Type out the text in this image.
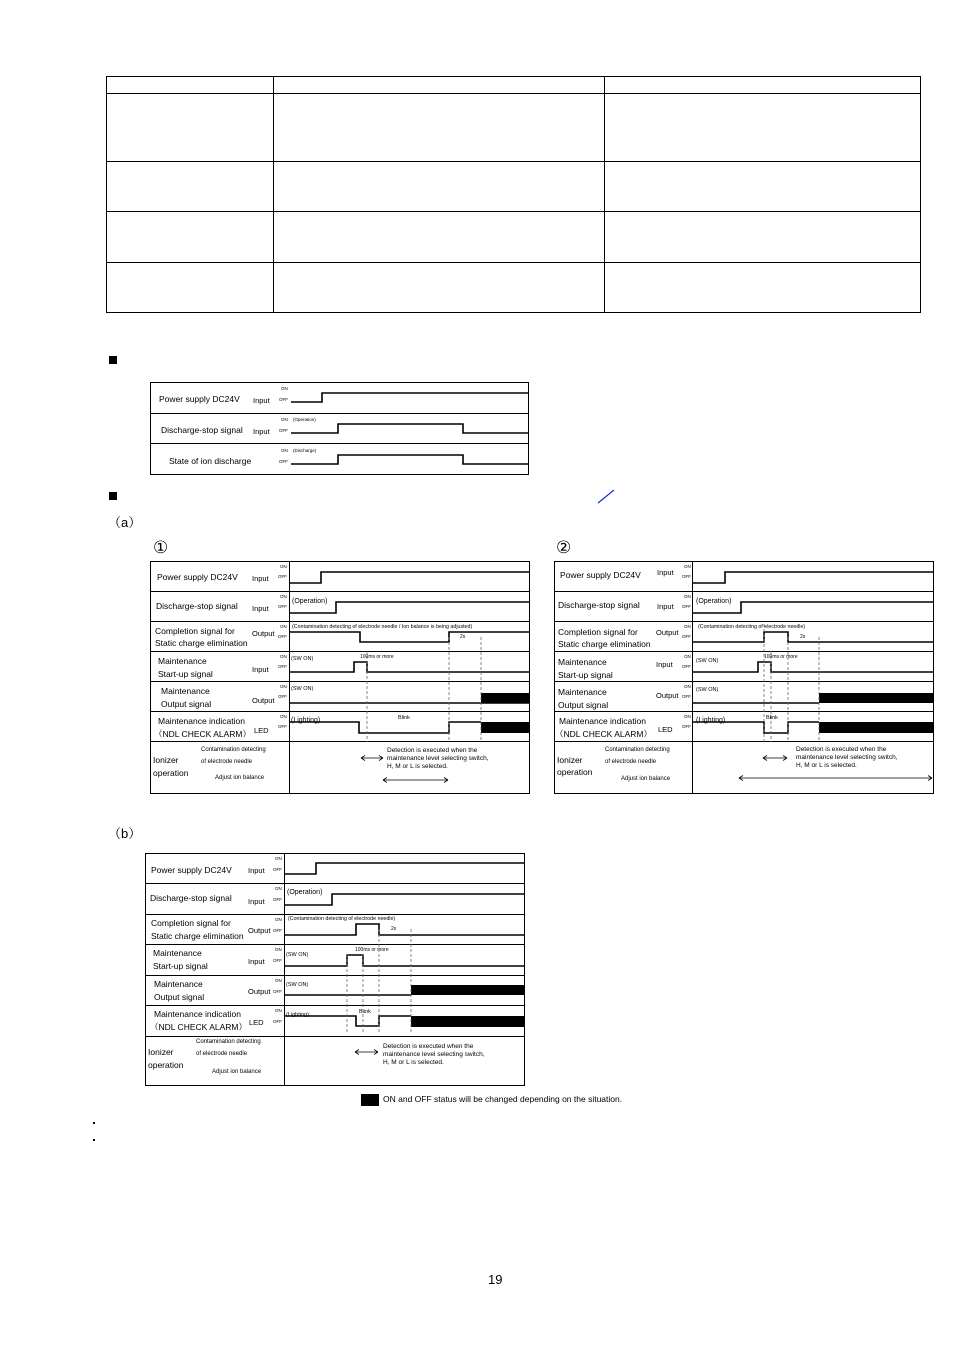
（a）
①	②
（b）
Power supply DC24V Input
Discharge-stop signal Input
State of ion discharge
ON
OFF
ON
OFF
ON
OFF
(Operation)
(Discharge)
Power supply DC24V Input
Discharge-stop signal Input
Completion signal for
Static charge elimination
Output
Maintenance
Start-up signal	Input
Maintenance
Output signal	Output
Maintenance indication
（NDL CHECK ALARM） LED
Ionizer
operation
Contamination detecting
of electrode needle
Adjust ion balance
ON
OFF
ON
OFF
ON
OFF
ON
OFF
ON
OFF
ON
OFF
(Operation)
(Contamination detecting of electrode needle / Ion balance is being adjusted)
2s
(SW ON)	100ms or more
(SW ON)
(Lighting)	Blink
Detection is executed when the
maintenance level selecting switch,
H, M or L is selected.
Power supply DC24V Input
Discharge-stop signal Input
Completion signal for
Static charge elimination
Output
Maintenance
Start-up signal
Input
Maintenance
Output signal
Output
Maintenance indication
（NDL CHECK ALARM） LED
Ionizer
operation
Contamination detecting
of electrode needle
Adjust ion balance
ON
OFF
ON
OFF
ON
OFF
ON
OFF
ON
OFF
ON
OFF
(Operation)
(Contamination detecting of electrode needle)
2s
(SW ON)
100ms or more
(SW ON)
(Lighting)	Blink
Detection is executed when the
maintenance level selecting switch,
H, M or L is selected.
Power supply DC24V Input
Discharge-stop signal Input
Completion signal for
Static charge elimination
Output
Maintenance
Start-up signal	Input
Maintenance
Output signal
Output
Maintenance indication
（NDL CHECK ALARM） LED
Ionizer
operation
Contamination detecting
of electrode needle
Adjust ion balance
ON
OFF
ON
OFF
ON
OFF
ON
OFF
ON
OFF
ON
OFF
(Operation)
(Contamination detecting of electrode needle)
2s
(SW ON)
100ms or more
(SW ON)
(Lighting)	Blink
Detection is executed when the
maintenance level selecting switch,
H, M or L is selected.
ON and OFF status will be changed depending on the situation.
19
